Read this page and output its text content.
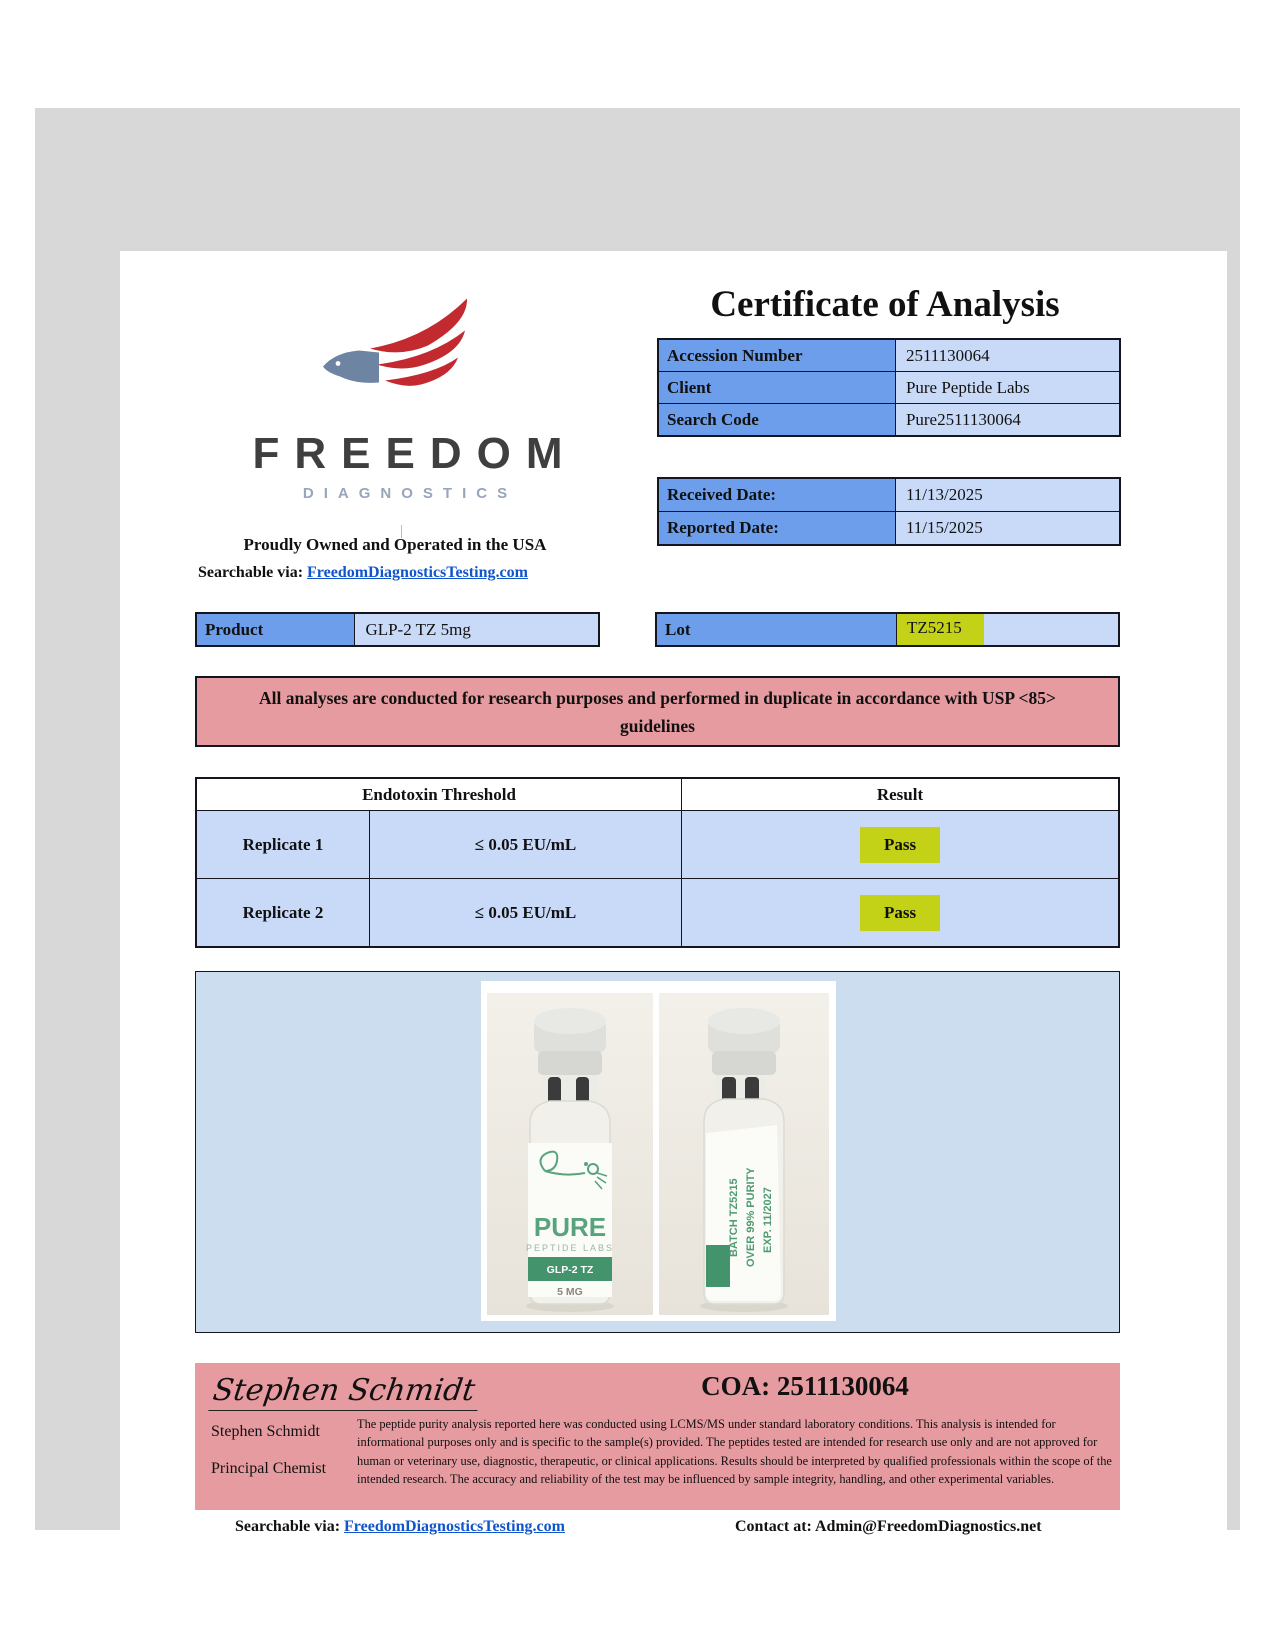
FREEDOM
DIAGNOSTICS
|
Proudly Owned and Operated in the USA
Searchable via: FreedomDiagnosticsTesting.com
Certificate of Analysis
Accession Number	2511130064
Client	Pure Peptide Labs
Search Code	Pure2511130064
Received Date:	11/13/2025
Reported Date:	11/15/2025
Product	GLP-2 TZ 5mg	Lot	TZ5215
All analyses are conducted for research purposes and performed in duplicate in accordance with USP <85> guidelines
Endotoxin Threshold	Result
Replicate 1	≤ 0.05 EU/mL	Pass
Replicate 2	≤ 0.05 EU/mL	Pass
PURE
PEPTIDE LABS
GLP-2 TZ
5 MG
BATCH TZ5215 OVER 99% PURITY EXP. 11/2027
Stephen Schmidt	COA: 2511130064
Stephen Schmidt
Principal Chemist
The peptide purity analysis reported here was conducted using LCMS/MS under standard laboratory conditions. This analysis is intended for informational purposes only and is specific to the sample(s) provided. The peptides tested are intended for research use only and are not approved for human or veterinary use, diagnostic, therapeutic, or clinical applications. Results should be interpreted by qualified professionals within the scope of the intended research. The accuracy and reliability of the test may be influenced by sample integrity, handling, and other experimental variables.
Searchable via: FreedomDiagnosticsTesting.com	Contact at: Admin@FreedomDiagnostics.net
